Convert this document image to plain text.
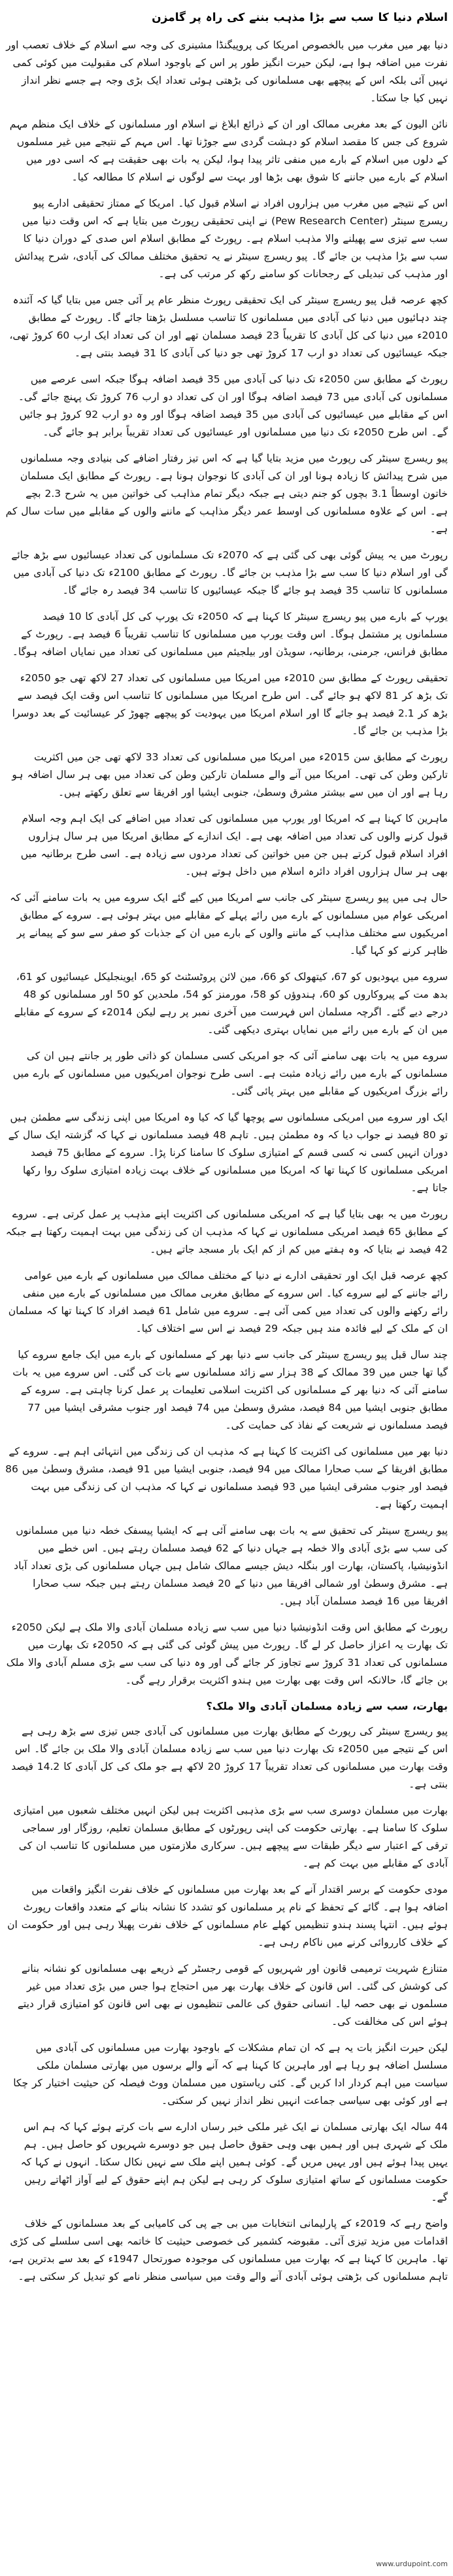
اسلام دنیا کا سب سے بڑا مذہب بننے کی راہ پر گامزن

دنیا بھر میں مغرب میں بالخصوص امریکا کی پروپیگنڈا مشینری کی وجہ سے اسلام کے خلاف تعصب اور نفرت میں اضافہ ہوا ہے، لیکن حیرت انگیز طور پر اس کے باوجود اسلام کی مقبولیت میں کوئی کمی نہیں آئی بلکہ اس کے پیچھے بھی مسلمانوں کی بڑھتی ہوئی تعداد ایک بڑی وجہ ہے جسے نظر انداز نہیں کیا جا سکتا۔

نائن الیون کے بعد مغربی ممالک اور ان کے ذرائع ابلاغ نے اسلام اور مسلمانوں کے خلاف ایک منظم مہم شروع کی جس کا مقصد اسلام کو دہشت گردی سے جوڑنا تھا۔ اس مہم کے نتیجے میں غیر مسلموں کے دلوں میں اسلام کے بارے میں منفی تاثر پیدا ہوا، لیکن یہ بات بھی حقیقت ہے کہ اسی دور میں اسلام کے بارے میں جاننے کا شوق بھی بڑھا اور بہت سے لوگوں نے اسلام کا مطالعہ کیا۔

اس کے نتیجے میں مغرب میں ہزاروں افراد نے اسلام قبول کیا۔ امریکا کے ممتاز تحقیقی ادارے پیو ریسرچ سینٹر (Pew Research Center) نے اپنی تحقیقی رپورٹ میں بتایا ہے کہ اس وقت دنیا میں سب سے تیزی سے پھیلنے والا مذہب اسلام ہے۔ رپورٹ کے مطابق اسلام اس صدی کے دوران دنیا کا سب سے بڑا مذہب بن جائے گا۔ پیو ریسرچ سینٹر نے یہ تحقیق مختلف ممالک کی آبادی، شرح پیدائش اور مذہب کی تبدیلی کے رجحانات کو سامنے رکھ کر مرتب کی ہے۔

کچھ عرصہ قبل پیو ریسرچ سینٹر کی ایک تحقیقی رپورٹ منظر عام پر آئی جس میں بتایا گیا کہ آئندہ چند دہائیوں میں دنیا کی آبادی میں مسلمانوں کا تناسب مسلسل بڑھتا جائے گا۔ رپورٹ کے مطابق 2010ء میں دنیا کی کل آبادی کا تقریباً 23 فیصد مسلمان تھے اور ان کی تعداد ایک ارب 60 کروڑ تھی، جبکہ عیسائیوں کی تعداد دو ارب 17 کروڑ تھی جو دنیا کی آبادی کا 31 فیصد بنتی ہے۔

رپورٹ کے مطابق سن 2050ء تک دنیا کی آبادی میں 35 فیصد اضافہ ہوگا جبکہ اسی عرصے میں مسلمانوں کی آبادی میں 73 فیصد اضافہ ہوگا اور ان کی تعداد دو ارب 76 کروڑ تک پہنچ جائے گی۔ اس کے مقابلے میں عیسائیوں کی آبادی میں 35 فیصد اضافہ ہوگا اور وہ دو ارب 92 کروڑ ہو جائیں گے۔ اس طرح 2050ء تک دنیا میں مسلمانوں اور عیسائیوں کی تعداد تقریباً برابر ہو جائے گی۔

پیو ریسرچ سینٹر کی رپورٹ میں مزید بتایا گیا ہے کہ اس تیز رفتار اضافے کی بنیادی وجہ مسلمانوں میں شرح پیدائش کا زیادہ ہونا اور ان کی آبادی کا نوجوان ہونا ہے۔ رپورٹ کے مطابق ایک مسلمان خاتون اوسطاً 3.1 بچوں کو جنم دیتی ہے جبکہ دیگر تمام مذاہب کی خواتین میں یہ شرح 2.3 بچے ہے۔ اس کے علاوہ مسلمانوں کی اوسط عمر دیگر مذاہب کے ماننے والوں کے مقابلے میں سات سال کم ہے۔

رپورٹ میں یہ پیش گوئی بھی کی گئی ہے کہ 2070ء تک مسلمانوں کی تعداد عیسائیوں سے بڑھ جائے گی اور اسلام دنیا کا سب سے بڑا مذہب بن جائے گا۔ رپورٹ کے مطابق 2100ء تک دنیا کی آبادی میں مسلمانوں کا تناسب 35 فیصد ہو جائے گا جبکہ عیسائیوں کا تناسب 34 فیصد رہ جائے گا۔

یورپ کے بارے میں پیو ریسرچ سینٹر کا کہنا ہے کہ 2050ء تک یورپ کی کل آبادی کا 10 فیصد مسلمانوں پر مشتمل ہوگا۔ اس وقت یورپ میں مسلمانوں کا تناسب تقریباً 6 فیصد ہے۔ رپورٹ کے مطابق فرانس، جرمنی، برطانیہ، سویڈن اور بیلجیئم میں مسلمانوں کی تعداد میں نمایاں اضافہ ہوگا۔

تحقیقی رپورٹ کے مطابق سن 2010ء میں امریکا میں مسلمانوں کی تعداد 27 لاکھ تھی جو 2050ء تک بڑھ کر 81 لاکھ ہو جائے گی۔ اس طرح امریکا میں مسلمانوں کا تناسب اس وقت ایک فیصد سے بڑھ کر 2.1 فیصد ہو جائے گا اور اسلام امریکا میں یہودیت کو پیچھے چھوڑ کر عیسائیت کے بعد دوسرا بڑا مذہب بن جائے گا۔

رپورٹ کے مطابق سن 2015ء میں امریکا میں مسلمانوں کی تعداد 33 لاکھ تھی جن میں اکثریت تارکین وطن کی تھی۔ امریکا میں آنے والے مسلمان تارکین وطن کی تعداد میں بھی ہر سال اضافہ ہو رہا ہے اور ان میں سے بیشتر مشرق وسطیٰ، جنوبی ایشیا اور افریقا سے تعلق رکھتے ہیں۔

ماہرین کا کہنا ہے کہ امریکا اور یورپ میں مسلمانوں کی تعداد میں اضافے کی ایک اہم وجہ اسلام قبول کرنے والوں کی تعداد میں اضافہ بھی ہے۔ ایک اندازے کے مطابق امریکا میں ہر سال ہزاروں افراد اسلام قبول کرتے ہیں جن میں خواتین کی تعداد مردوں سے زیادہ ہے۔ اسی طرح برطانیہ میں بھی ہر سال ہزاروں افراد دائرہ اسلام میں داخل ہوتے ہیں۔

حال ہی میں پیو ریسرچ سینٹر کی جانب سے امریکا میں کیے گئے ایک سروے میں یہ بات سامنے آئی کہ امریکی عوام میں مسلمانوں کے بارے میں رائے پہلے کے مقابلے میں بہتر ہوئی ہے۔ سروے کے مطابق امریکیوں سے مختلف مذاہب کے ماننے والوں کے بارے میں ان کے جذبات کو صفر سے سو کے پیمانے پر ظاہر کرنے کو کہا گیا۔

سروے میں یہودیوں کو 67، کیتھولک کو 66، مین لائن پروٹسٹنٹ کو 65، ایوینجلیکل عیسائیوں کو 61، بدھ مت کے پیروکاروں کو 60، ہندوؤں کو 58، مورمنز کو 54، ملحدین کو 50 اور مسلمانوں کو 48 درجے دیے گئے۔ اگرچہ مسلمان اس فہرست میں آخری نمبر پر رہے لیکن 2014ء کے سروے کے مقابلے میں ان کے بارے میں رائے میں نمایاں بہتری دیکھی گئی۔

سروے میں یہ بات بھی سامنے آئی کہ جو امریکی کسی مسلمان کو ذاتی طور پر جانتے ہیں ان کی مسلمانوں کے بارے میں رائے زیادہ مثبت ہے۔ اسی طرح نوجوان امریکیوں میں مسلمانوں کے بارے میں رائے بزرگ امریکیوں کے مقابلے میں بہتر پائی گئی۔

ایک اور سروے میں امریکی مسلمانوں سے پوچھا گیا کہ کیا وہ امریکا میں اپنی زندگی سے مطمئن ہیں تو 80 فیصد نے جواب دیا کہ وہ مطمئن ہیں۔ تاہم 48 فیصد مسلمانوں نے کہا کہ گزشتہ ایک سال کے دوران انہیں کسی نہ کسی قسم کے امتیازی سلوک کا سامنا کرنا پڑا۔ سروے کے مطابق 75 فیصد امریکی مسلمانوں کا کہنا تھا کہ امریکا میں مسلمانوں کے خلاف بہت زیادہ امتیازی سلوک روا رکھا جاتا ہے۔

رپورٹ میں یہ بھی بتایا گیا ہے کہ امریکی مسلمانوں کی اکثریت اپنے مذہب پر عمل کرتی ہے۔ سروے کے مطابق 65 فیصد امریکی مسلمانوں نے کہا کہ مذہب ان کی زندگی میں بہت اہمیت رکھتا ہے جبکہ 42 فیصد نے بتایا کہ وہ ہفتے میں کم از کم ایک بار مسجد جاتے ہیں۔

کچھ عرصہ قبل ایک اور تحقیقی ادارے نے دنیا کے مختلف ممالک میں مسلمانوں کے بارے میں عوامی رائے جاننے کے لیے سروے کیا۔ اس سروے کے مطابق مغربی ممالک میں مسلمانوں کے بارے میں منفی رائے رکھنے والوں کی تعداد میں کمی آئی ہے۔ سروے میں شامل 61 فیصد افراد کا کہنا تھا کہ مسلمان ان کے ملک کے لیے فائدہ مند ہیں جبکہ 29 فیصد نے اس سے اختلاف کیا۔

چند سال قبل پیو ریسرچ سینٹر کی جانب سے دنیا بھر کے مسلمانوں کے بارے میں ایک جامع سروے کیا گیا تھا جس میں 39 ممالک کے 38 ہزار سے زائد مسلمانوں سے بات کی گئی۔ اس سروے میں یہ بات سامنے آئی کہ دنیا بھر کے مسلمانوں کی اکثریت اسلامی تعلیمات پر عمل کرنا چاہتی ہے۔ سروے کے مطابق جنوبی ایشیا میں 84 فیصد، مشرق وسطیٰ میں 74 فیصد اور جنوب مشرقی ایشیا میں 77 فیصد مسلمانوں نے شریعت کے نفاذ کی حمایت کی۔

دنیا بھر میں مسلمانوں کی اکثریت کا کہنا ہے کہ مذہب ان کی زندگی میں انتہائی اہم ہے۔ سروے کے مطابق افریقا کے سب صحارا ممالک میں 94 فیصد، جنوبی ایشیا میں 91 فیصد، مشرق وسطیٰ میں 86 فیصد اور جنوب مشرقی ایشیا میں 93 فیصد مسلمانوں نے کہا کہ مذہب ان کی زندگی میں بہت اہمیت رکھتا ہے۔

پیو ریسرچ سینٹر کی تحقیق سے یہ بات بھی سامنے آئی ہے کہ ایشیا پیسفک خطہ دنیا میں مسلمانوں کی سب سے بڑی آبادی والا خطہ ہے جہاں دنیا کے 62 فیصد مسلمان رہتے ہیں۔ اس خطے میں انڈونیشیا، پاکستان، بھارت اور بنگلہ دیش جیسے ممالک شامل ہیں جہاں مسلمانوں کی بڑی تعداد آباد ہے۔ مشرق وسطیٰ اور شمالی افریقا میں دنیا کے 20 فیصد مسلمان رہتے ہیں جبکہ سب صحارا افریقا میں 16 فیصد مسلمان آباد ہیں۔

رپورٹ کے مطابق اس وقت انڈونیشیا دنیا میں سب سے زیادہ مسلمان آبادی والا ملک ہے لیکن 2050ء تک بھارت یہ اعزاز حاصل کر لے گا۔ رپورٹ میں پیش گوئی کی گئی ہے کہ 2050ء تک بھارت میں مسلمانوں کی تعداد 31 کروڑ سے تجاوز کر جائے گی اور وہ دنیا کی سب سے بڑی مسلم آبادی والا ملک بن جائے گا، حالانکہ اس وقت بھی بھارت میں ہندو اکثریت برقرار رہے گی۔

بھارت، سب سے زیادہ مسلمان آبادی والا ملک؟

پیو ریسرچ سینٹر کی رپورٹ کے مطابق بھارت میں مسلمانوں کی آبادی جس تیزی سے بڑھ رہی ہے اس کے نتیجے میں 2050ء تک بھارت دنیا میں سب سے زیادہ مسلمان آبادی والا ملک بن جائے گا۔ اس وقت بھارت میں مسلمانوں کی تعداد تقریباً 17 کروڑ 20 لاکھ ہے جو ملک کی کل آبادی کا 14.2 فیصد بنتی ہے۔

بھارت میں مسلمان دوسری سب سے بڑی مذہبی اکثریت ہیں لیکن انہیں مختلف شعبوں میں امتیازی سلوک کا سامنا ہے۔ بھارتی حکومت کی اپنی رپورٹوں کے مطابق مسلمان تعلیم، روزگار اور سماجی ترقی کے اعتبار سے دیگر طبقات سے پیچھے ہیں۔ سرکاری ملازمتوں میں مسلمانوں کا تناسب ان کی آبادی کے مقابلے میں بہت کم ہے۔

مودی حکومت کے برسر اقتدار آنے کے بعد بھارت میں مسلمانوں کے خلاف نفرت انگیز واقعات میں اضافہ ہوا ہے۔ گائے کے تحفظ کے نام پر مسلمانوں کو تشدد کا نشانہ بنانے کے متعدد واقعات رپورٹ ہوئے ہیں۔ انتہا پسند ہندو تنظیمیں کھلے عام مسلمانوں کے خلاف نفرت پھیلا رہی ہیں اور حکومت ان کے خلاف کارروائی کرنے میں ناکام رہی ہے۔

متنازع شہریت ترمیمی قانون اور شہریوں کے قومی رجسٹر کے ذریعے بھی مسلمانوں کو نشانہ بنانے کی کوشش کی گئی۔ اس قانون کے خلاف بھارت بھر میں احتجاج ہوا جس میں بڑی تعداد میں غیر مسلموں نے بھی حصہ لیا۔ انسانی حقوق کی عالمی تنظیموں نے بھی اس قانون کو امتیازی قرار دیتے ہوئے اس کی مخالفت کی۔

لیکن حیرت انگیز بات یہ ہے کہ ان تمام مشکلات کے باوجود بھارت میں مسلمانوں کی آبادی میں مسلسل اضافہ ہو رہا ہے اور ماہرین کا کہنا ہے کہ آنے والے برسوں میں بھارتی مسلمان ملکی سیاست میں اہم کردار ادا کریں گے۔ کئی ریاستوں میں مسلمان ووٹ فیصلہ کن حیثیت اختیار کر چکا ہے اور کوئی بھی سیاسی جماعت انہیں نظر انداز نہیں کر سکتی۔

44 سالہ ایک بھارتی مسلمان نے ایک غیر ملکی خبر رساں ادارے سے بات کرتے ہوئے کہا کہ ہم اس ملک کے شہری ہیں اور ہمیں بھی وہی حقوق حاصل ہیں جو دوسرے شہریوں کو حاصل ہیں۔ ہم یہیں پیدا ہوئے ہیں اور یہیں مریں گے۔ کوئی ہمیں اپنے ملک سے نہیں نکال سکتا۔ انہوں نے کہا کہ حکومت مسلمانوں کے ساتھ امتیازی سلوک کر رہی ہے لیکن ہم اپنے حقوق کے لیے آواز اٹھاتے رہیں گے۔

واضح رہے کہ 2019ء کے پارلیمانی انتخابات میں بی جے پی کی کامیابی کے بعد مسلمانوں کے خلاف اقدامات میں مزید تیزی آئی۔ مقبوضہ کشمیر کی خصوصی حیثیت کا خاتمہ بھی اسی سلسلے کی کڑی تھا۔ ماہرین کا کہنا ہے کہ بھارت میں مسلمانوں کی موجودہ صورتحال 1947ء کے بعد سے بدترین ہے، تاہم مسلمانوں کی بڑھتی ہوئی آبادی آنے والے وقت میں سیاسی منظر نامے کو تبدیل کر سکتی ہے۔

www.urdupoint.com
